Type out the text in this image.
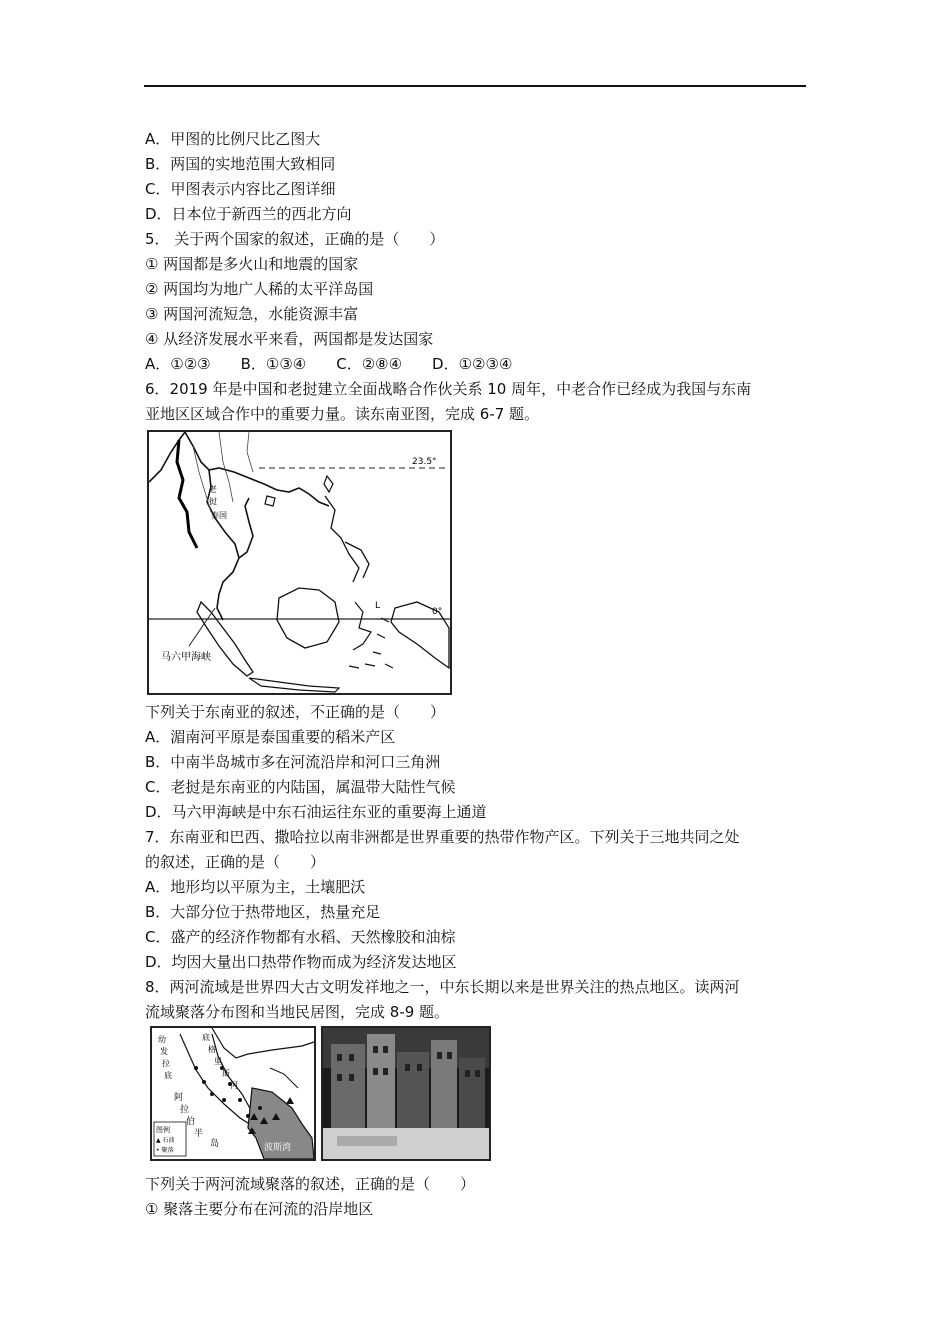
A．甲图的比例尺比乙图大
B．两国的实地范围大致相同
C．甲图表示内容比乙图详细
D．日本位于新西兰的西北方向
5． 关于两个国家的叙述，正确的是（　　）
① 两国都是多火山和地震的国家
② 两国均为地广人稀的太平洋岛国
③ 两国河流短急，水能资源丰富
④ 从经济发展水平来看，两国都是发达国家
A．①②③　　B．①③④　　C．②⑧④　　D．①②③④
6．2019 年是中国和老挝建立全面战略合作伙关系 10 周年，中老合作已经成为我国与东南
亚地区区域合作中的重要力量。读东南亚图，完成 6-7 题。
23.5°
0°
马六甲海峡
老
挝
泰国
L
下列关于东南亚的叙述，不正确的是（　　）
A．湄南河平原是泰国重要的稻米产区
B．中南半岛城市多在河流沿岸和河口三角洲
C．老挝是东南亚的内陆国，属温带大陆性气候
D．马六甲海峡是中东石油运往东亚的重要海上通道
7．东南亚和巴西、撒哈拉以南非洲都是世界重要的热带作物产区。下列关于三地共同之处
的叙述，正确的是（　　）
A．地形均以平原为主，土壤肥沃
B．大部分位于热带地区，热量充足
C．盛产的经济作物都有水稻、天然橡胶和油棕
D．均因大量出口热带作物而成为经济发达地区
8．两河流域是世界四大古文明发祥地之一，中东长期以来是世界关注的热点地区。读两河
流域聚落分布图和当地民居图，完成 8-9 题。
幼
发
拉
底
底
格
里
斯
河
阿
拉
伯
半
岛	波斯湾
图例
▲ 石油
• 聚落
下列关于两河流域聚落的叙述，正确的是（　　）
① 聚落主要分布在河流的沿岸地区
